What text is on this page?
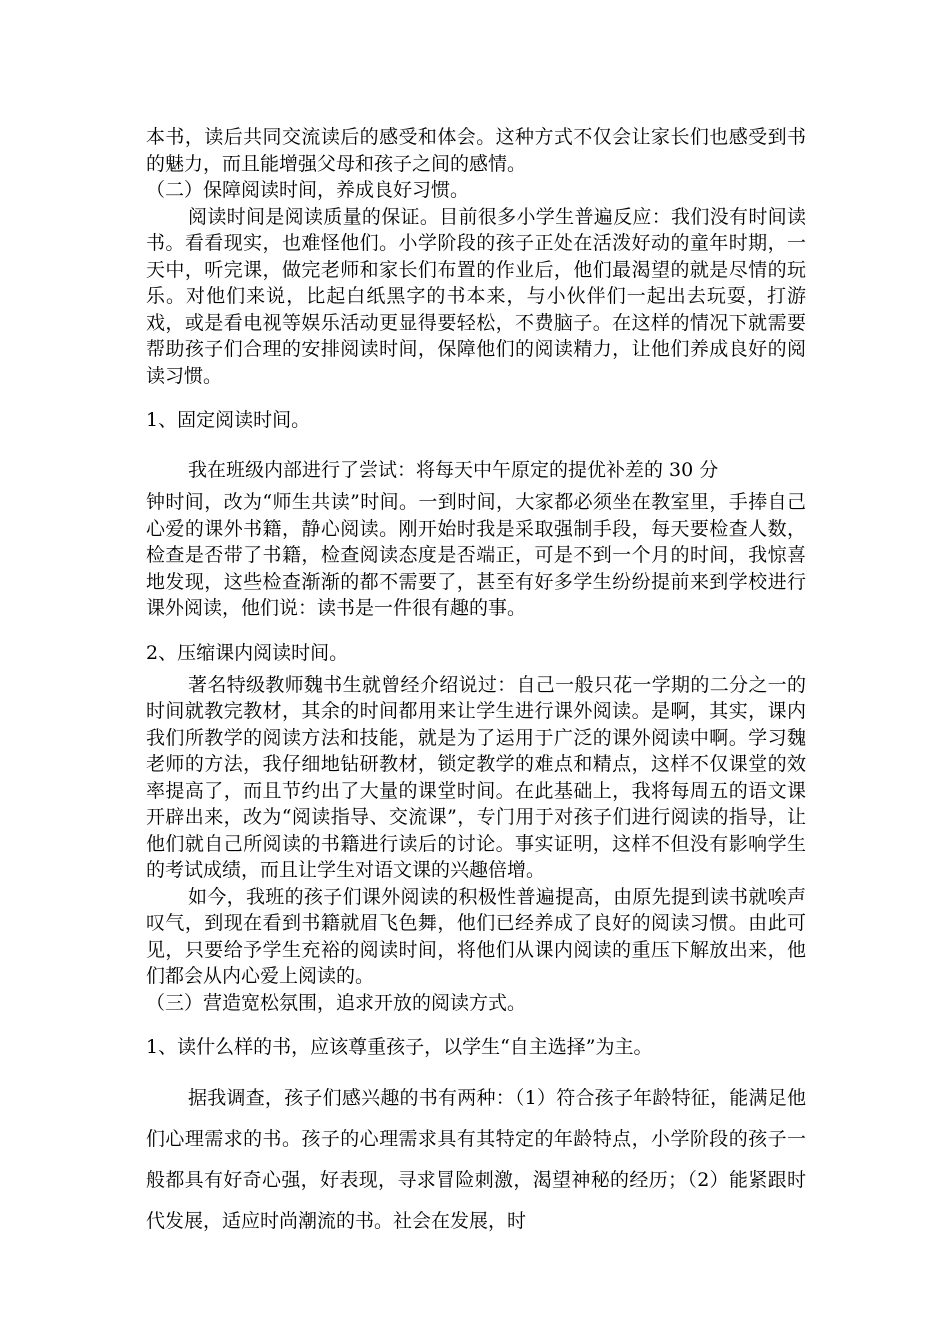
本书，读后共同交流读后的感受和体会。这种方式不仅会让家长们也感受到书的魅力，而且能增强父母和孩子之间的感情。

（二）保障阅读时间，养成良好习惯。

阅读时间是阅读质量的保证。目前很多小学生普遍反应：我们没有时间读书。看看现实，也难怪他们。小学阶段的孩子正处在活泼好动的童年时期，一天中，听完课，做完老师和家长们布置的作业后，他们最渴望的就是尽情的玩乐。对他们来说，比起白纸黑字的书本来，与小伙伴们一起出去玩耍，打游戏，或是看电视等娱乐活动更显得要轻松，不费脑子。在这样的情况下就需要帮助孩子们合理的安排阅读时间，保障他们的阅读精力，让他们养成良好的阅读习惯。

1、固定阅读时间。

我在班级内部进行了尝试：将每天中午原定的提优补差的 30 分

钟时间，改为“师生共读”时间。一到时间，大家都必须坐在教室里，手捧自己心爱的课外书籍，静心阅读。刚开始时我是采取强制手段，每天要检查人数，检查是否带了书籍，检查阅读态度是否端正，可是不到一个月的时间，我惊喜地发现，这些检查渐渐的都不需要了，甚至有好多学生纷纷提前来到学校进行课外阅读，他们说：读书是一件很有趣的事。

2、压缩课内阅读时间。

著名特级教师魏书生就曾经介绍说过：自己一般只花一学期的二分之一的时间就教完教材，其余的时间都用来让学生进行课外阅读。是啊，其实，课内我们所教学的阅读方法和技能，就是为了运用于广泛的课外阅读中啊。学习魏老师的方法，我仔细地钻研教材，锁定教学的难点和精点，这样不仅课堂的效率提高了，而且节约出了大量的课堂时间。在此基础上，我将每周五的语文课开辟出来，改为“阅读指导、交流课”，专门用于对孩子们进行阅读的指导，让他们就自己所阅读的书籍进行读后的讨论。事实证明，这样不但没有影响学生的考试成绩，而且让学生对语文课的兴趣倍增。

如今，我班的孩子们课外阅读的积极性普遍提高，由原先提到读书就唉声叹气，到现在看到书籍就眉飞色舞，他们已经养成了良好的阅读习惯。由此可见，只要给予学生充裕的阅读时间，将他们从课内阅读的重压下解放出来，他们都会从内心爱上阅读的。

（三）营造宽松氛围，追求开放的阅读方式。

1、读什么样的书，应该尊重孩子，以学生“自主选择”为主。

据我调查，孩子们感兴趣的书有两种：（1）符合孩子年龄特征，能满足他们心理需求的书。孩子的心理需求具有其特定的年龄特点，小学阶段的孩子一般都具有好奇心强，好表现，寻求冒险刺激，渴望神秘的经历；（2）能紧跟时代发展，适应时尚潮流的书。社会在发展，时
